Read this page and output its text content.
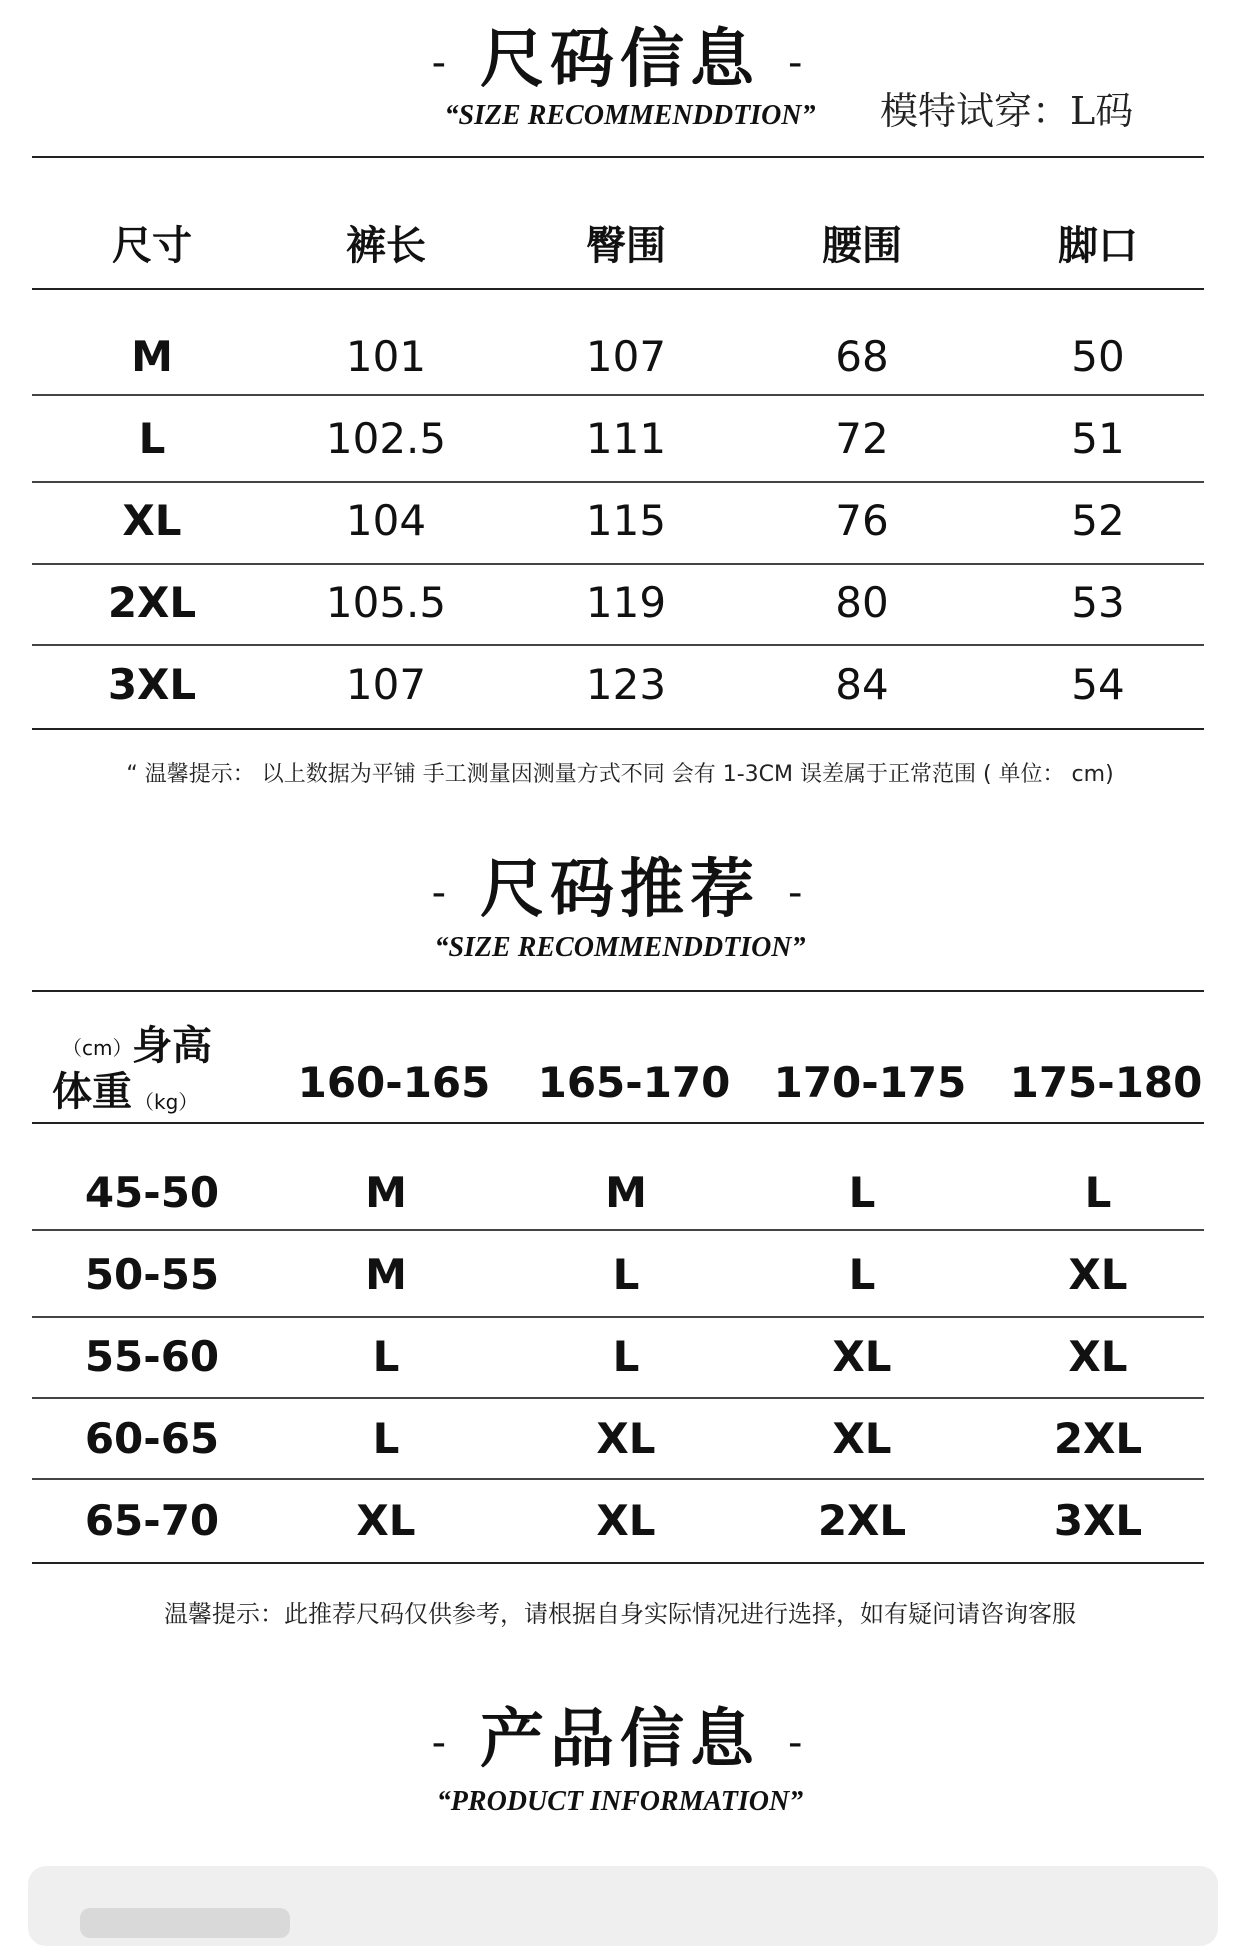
- 尺码信息 -
“SIZE RECOMMENDDTION”	模特试穿：L码
尺寸	裤长	臀围	腰围	脚口
M	101	107	68	50
L	102.5	111	72	51
XL	104	115	76	52
2XL	105.5	119	80	53
3XL	107	123	84	54
“ 温馨提示： 以上数据为平铺 手工测量因测量方式不同 会有 1-3CM 误差属于正常范围 ( 单位： cm)
- 尺码推荐 -
“SIZE RECOMMENDDTION”
（cm） 身高
体重 （kg）	160-165	165-170	170-175	175-180
45-50	M	M	L	L
50-55	M	L	L	XL
55-60	L	L	XL	XL
60-65	L	XL	XL	2XL
65-70	XL	XL	2XL	3XL
温馨提示：此推荐尺码仅供参考，请根据自身实际情况进行选择，如有疑问请咨询客服
- 产品信息 -
“PRODUCT INFORMATION”
